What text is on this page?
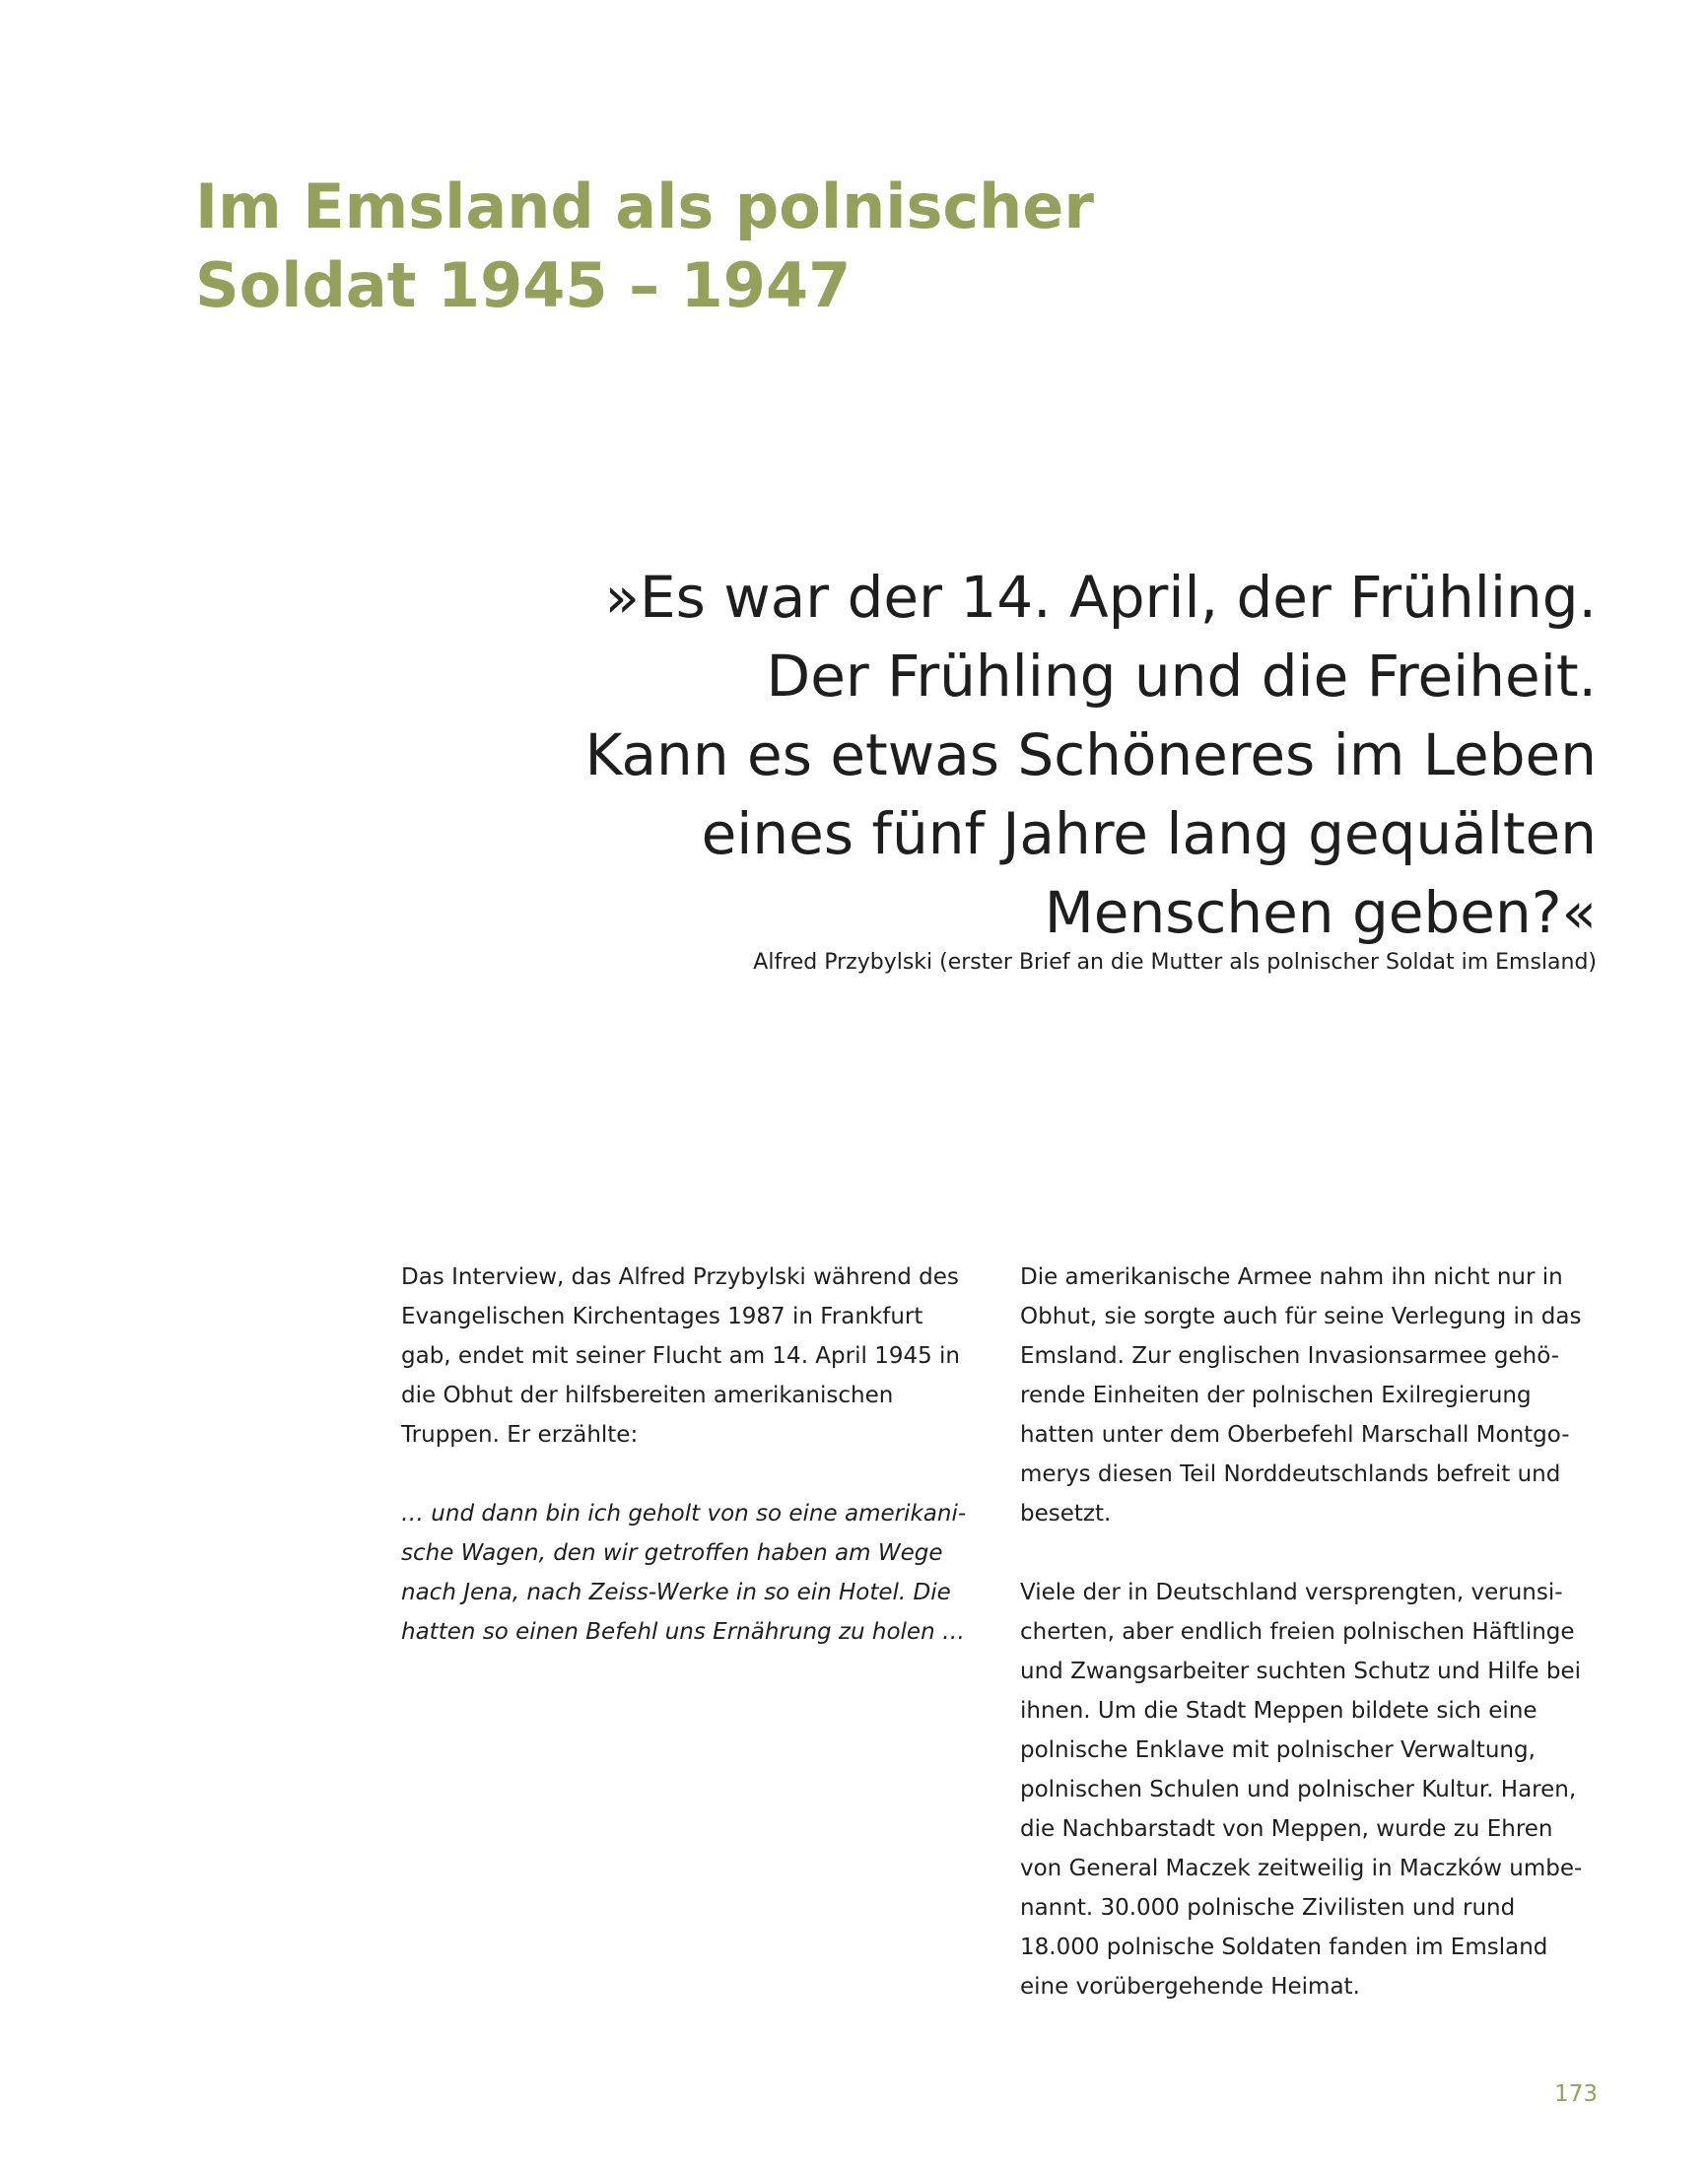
Im Emsland als polnischer
Soldat 1945 – 1947
»Es war der 14. April, der Frühling.
Der Frühling und die Freiheit.
Kann es etwas Schöneres im Leben
eines fünf Jahre lang gequälten
Menschen geben?«
Alfred Przybylski (erster Brief an die Mutter als polnischer Soldat im Emsland)
Das Interview, das Alfred Przybylski während des
Evangelischen Kirchentages 1987 in Frankfurt
gab, endet mit seiner Flucht am 14. April 1945 in
die Obhut der hilfsbereiten amerikanischen
Truppen. Er erzählte:
… und dann bin ich geholt von so eine amerikani-
sche Wagen, den wir getroffen haben am Wege
nach Jena, nach Zeiss-Werke in so ein Hotel. Die
hatten so einen Befehl uns Ernährung zu holen …
Die amerikanische Armee nahm ihn nicht nur in
Obhut, sie sorgte auch für seine Verlegung in das
Emsland. Zur englischen Invasionsarmee gehö-
rende Einheiten der polnischen Exilregierung
hatten unter dem Oberbefehl Marschall Montgo-
merys diesen Teil Norddeutschlands befreit und
besetzt.
Viele der in Deutschland versprengten, verunsi-
cherten, aber endlich freien polnischen Häftlinge
und Zwangsarbeiter suchten Schutz und Hilfe bei
ihnen. Um die Stadt Meppen bildete sich eine
polnische Enklave mit polnischer Verwaltung,
polnischen Schulen und polnischer Kultur. Haren,
die Nachbarstadt von Meppen, wurde zu Ehren
von General Maczek zeitweilig in Maczków umbe-
nannt. 30.000 polnische Zivilisten und rund
18.000 polnische Soldaten fanden im Emsland
eine vorübergehende Heimat.
173
